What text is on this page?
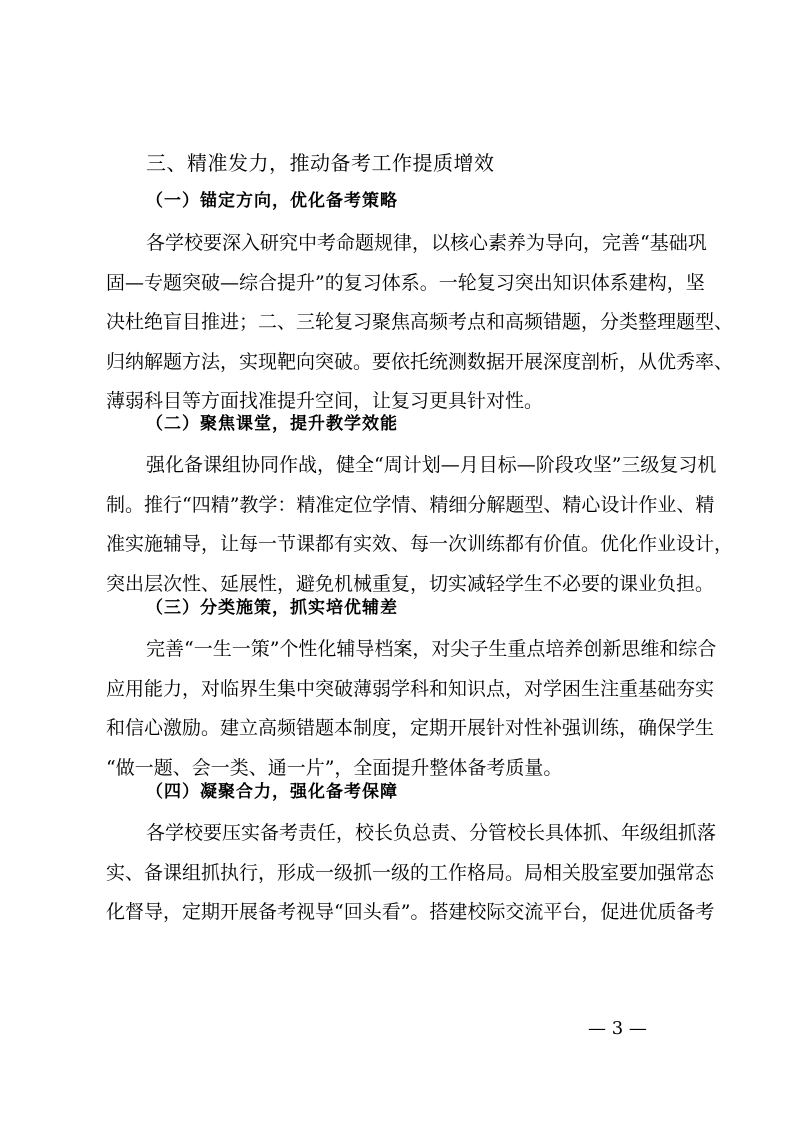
三、精准发力，推动备考工作提质增效
（一）锚定方向，优化备考策略
各学校要深入研究中考命题规律，以核心素养为导向，完善“基础巩
固—专题突破—综合提升”的复习体系。一轮复习突出知识体系建构，坚
决杜绝盲目推进；二、三轮复习聚焦高频考点和高频错题，分类整理题型、
归纳解题方法，实现靶向突破。要依托统测数据开展深度剖析，从优秀率、
薄弱科目等方面找准提升空间，让复习更具针对性。
（二）聚焦课堂，提升教学效能
强化备课组协同作战，健全“周计划—月目标—阶段攻坚”三级复习机
制。推行“四精”教学：精准定位学情、精细分解题型、精心设计作业、精
准实施辅导，让每一节课都有实效、每一次训练都有价值。优化作业设计，
突出层次性、延展性，避免机械重复，切实减轻学生不必要的课业负担。
（三）分类施策，抓实培优辅差
完善“一生一策”个性化辅导档案，对尖子生重点培养创新思维和综合
应用能力，对临界生集中突破薄弱学科和知识点，对学困生注重基础夯实
和信心激励。建立高频错题本制度，定期开展针对性补强训练，确保学生
“做一题、会一类、通一片”，全面提升整体备考质量。
（四）凝聚合力，强化备考保障
各学校要压实备考责任，校长负总责、分管校长具体抓、年级组抓落
实、备课组抓执行，形成一级抓一级的工作格局。局相关股室要加强常态
化督导，定期开展备考视导“回头看”。搭建校际交流平台，促进优质备考
— 3 —
